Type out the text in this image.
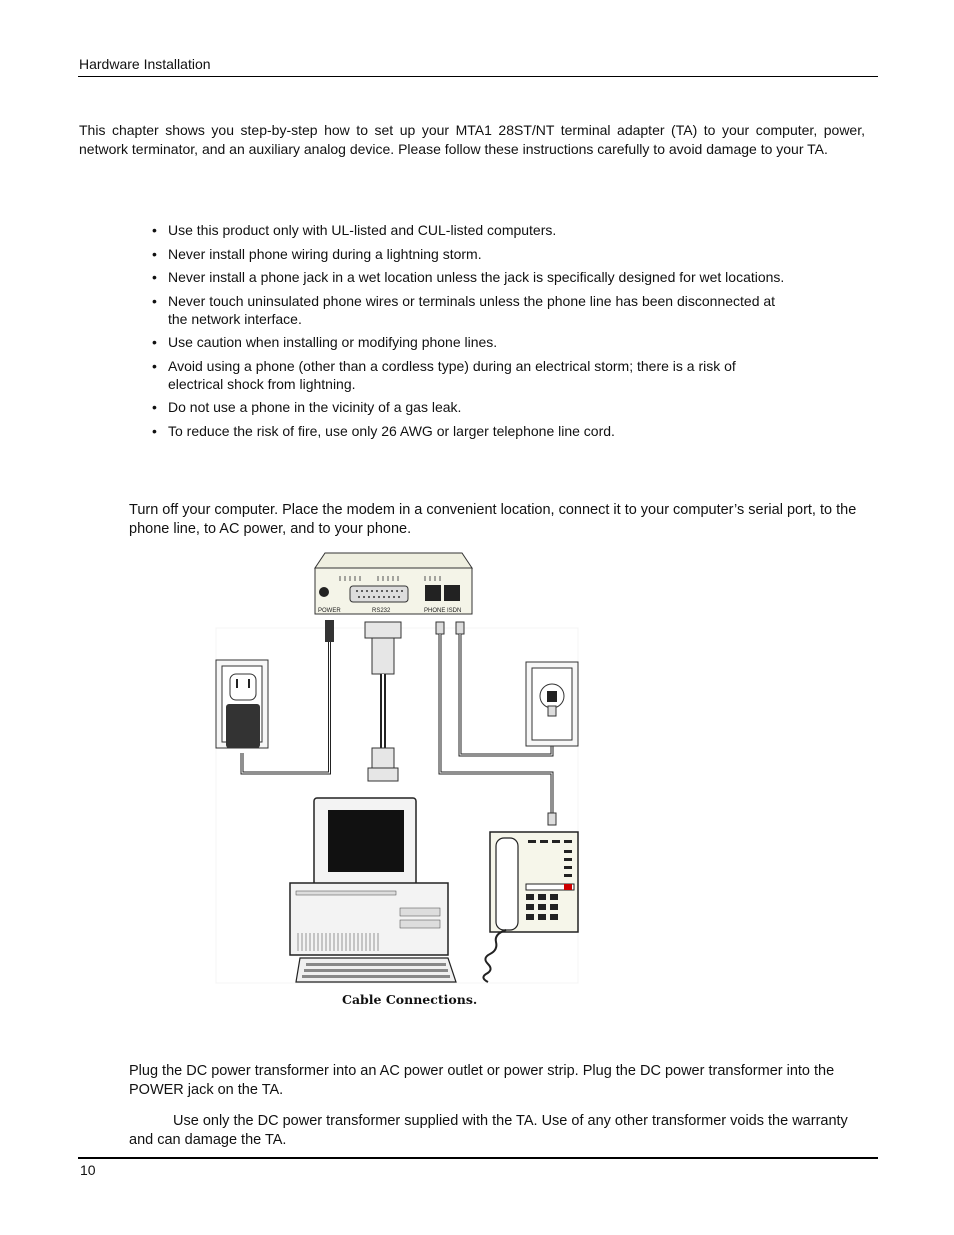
Hardware Installation

This chapter shows you step-by-step how to set up your MTA1 28ST/NT terminal adapter (TA) to your computer, power, network terminator, and an auxiliary analog device. Please follow these instructions carefully to avoid damage to your TA.

• Use this product only with UL-listed and CUL-listed computers.
• Never install phone wiring during a lightning storm.
• Never install a phone jack in a wet location unless the jack is specifically designed for wet locations.
• Never touch uninsulated phone wires or terminals unless the phone line has been disconnected at the network interface.
• Use caution when installing or modifying phone lines.
• Avoid using a phone (other than a cordless type) during an electrical storm; there is a risk of electrical shock from lightning.
• Do not use a phone in the vicinity of a gas leak.
• To reduce the risk of fire, use only 26 AWG or larger telephone line cord.

Turn off your computer. Place the modem in a convenient location, connect it to your computer’s serial port, to the phone line, to AC power, and to your phone.

POWER	RS232	PHONE ISDN
Cable Connections.

Plug the DC power transformer into an AC power outlet or power strip. Plug the DC power transformer into the POWER jack on the TA.

Use only the DC power transformer supplied with the TA. Use of any other transformer voids the warranty and can damage the TA.

10
